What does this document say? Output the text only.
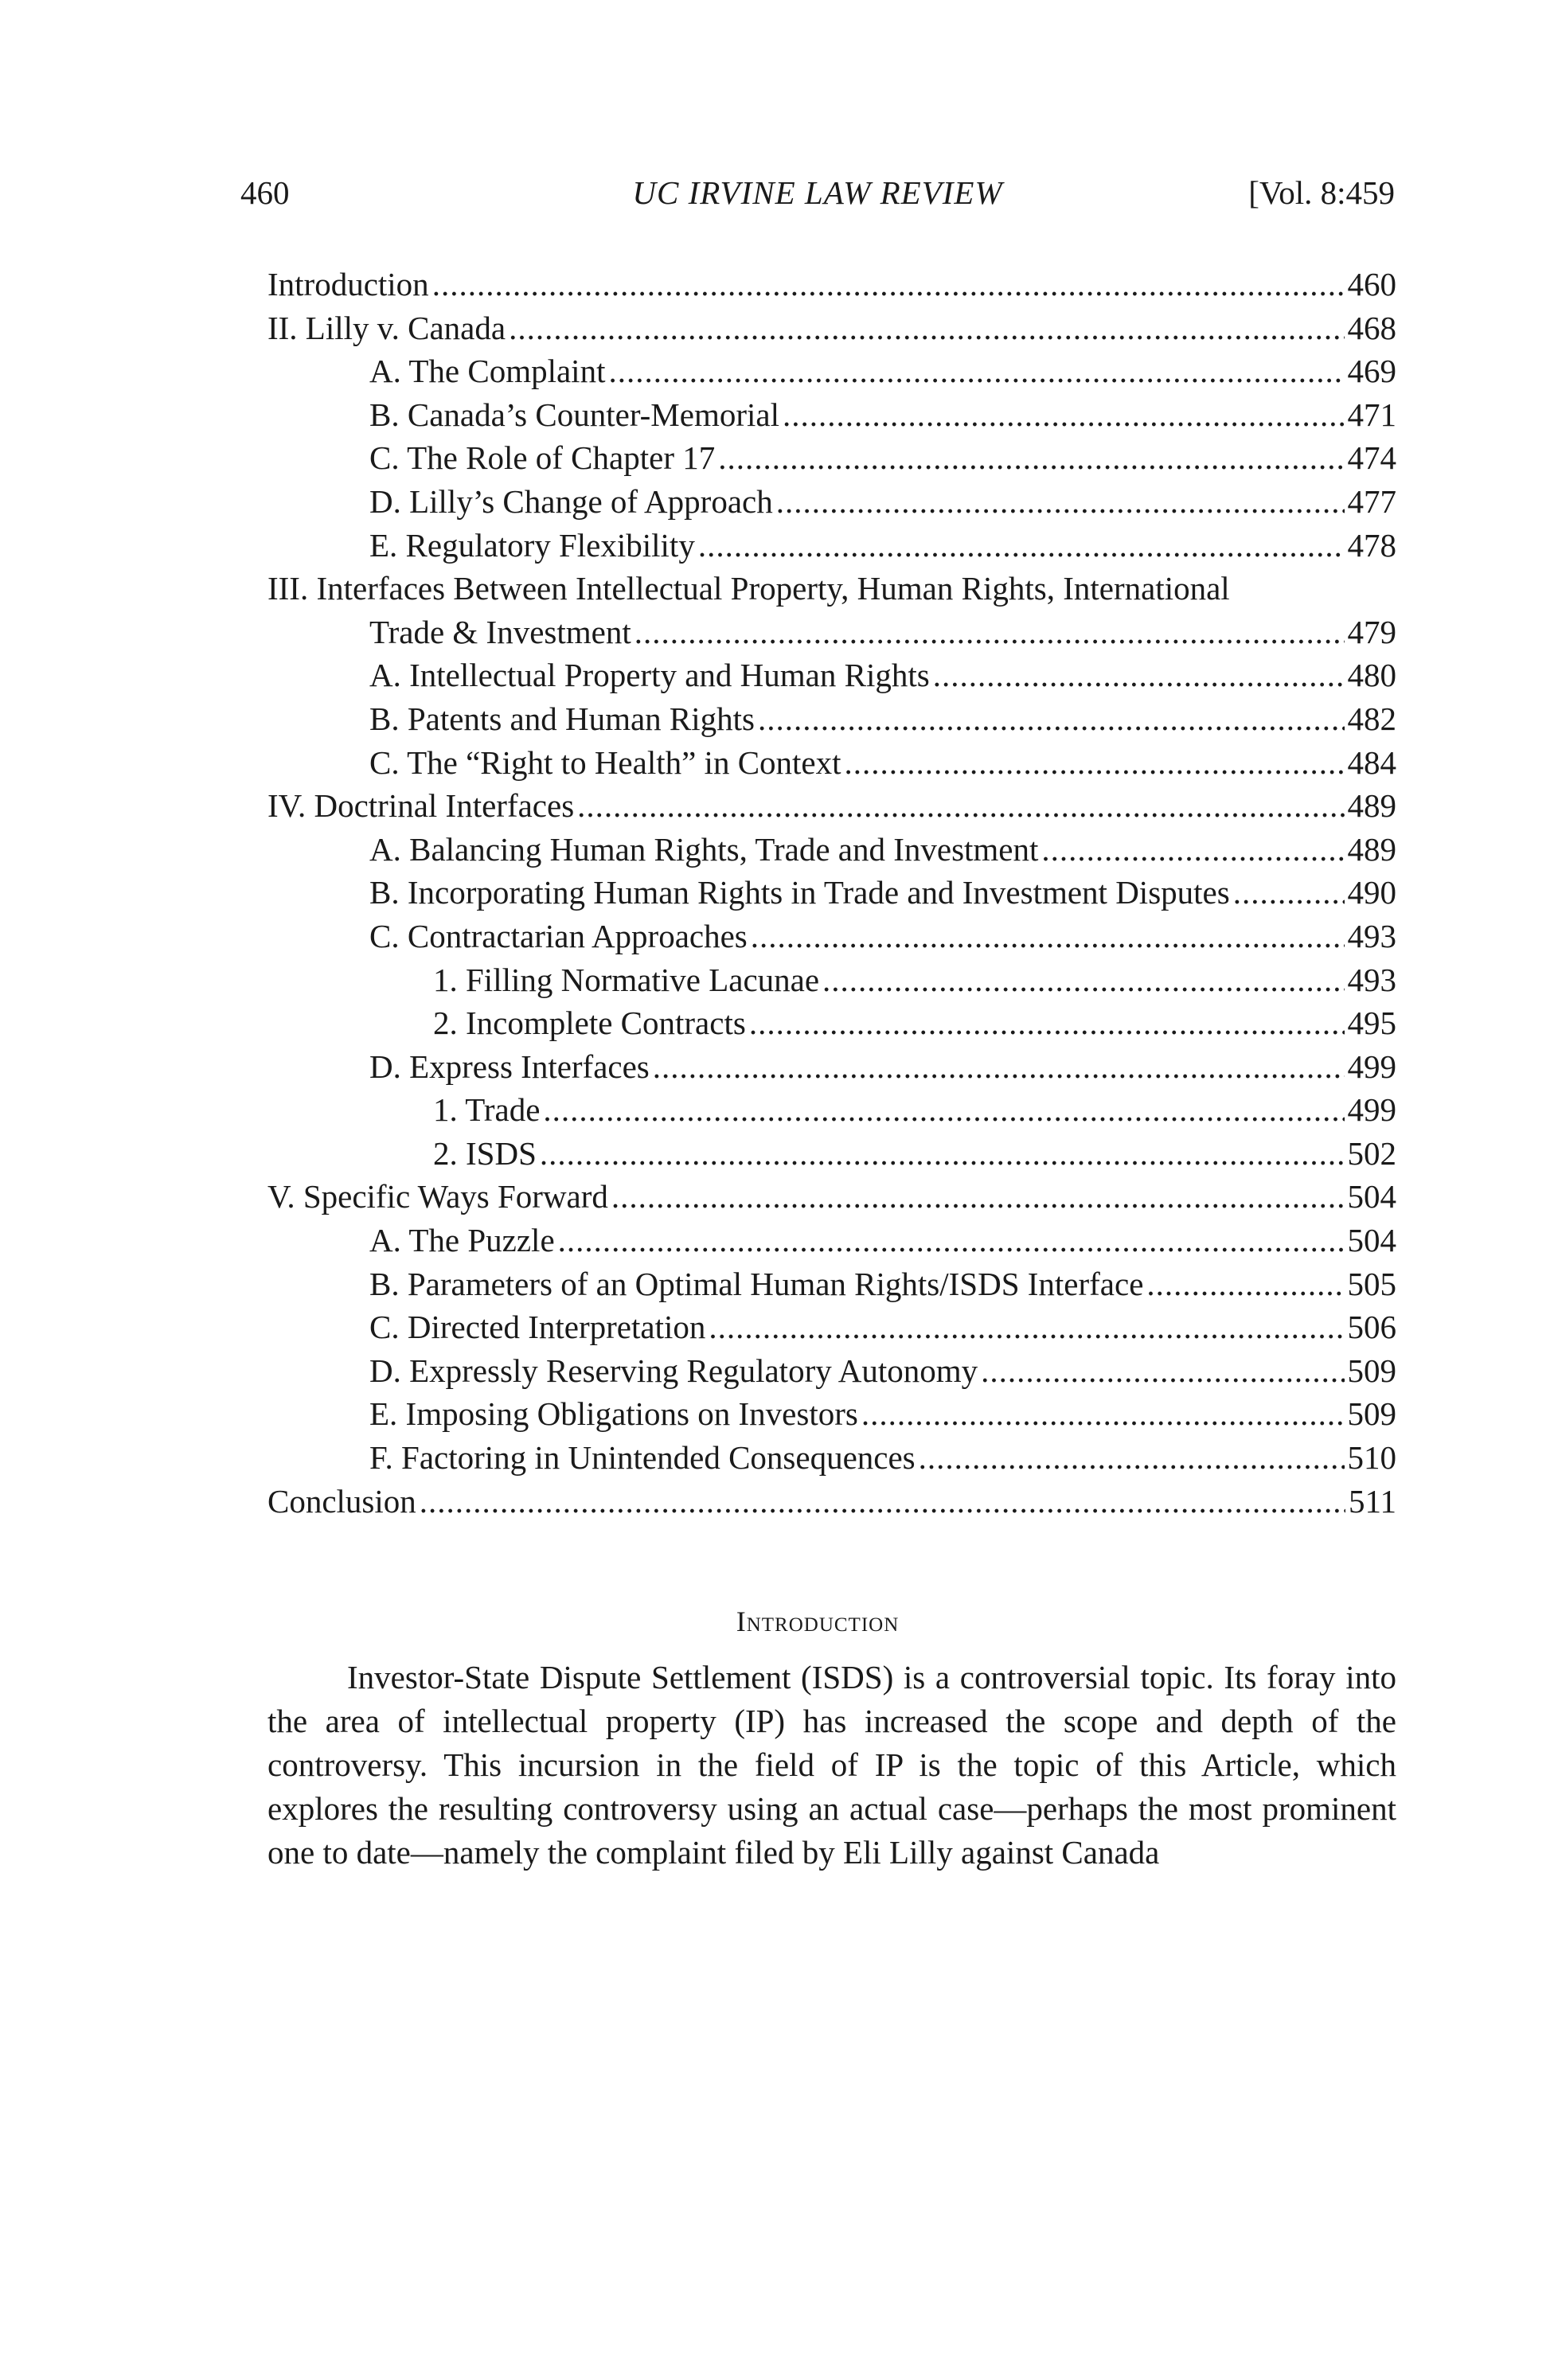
460	UC IRVINE LAW REVIEW	[Vol. 8:459
Introduction .....	460
II. Lilly v. Canada .....	468
A. The Complaint .....	469
B. Canada’s Counter-Memorial .....	471
C. The Role of Chapter 17 .....	474
D. Lilly’s Change of Approach .....	477
E. Regulatory Flexibility .....	478
III. Interfaces Between Intellectual Property, Human Rights, International
Trade & Investment .....	479
A. Intellectual Property and Human Rights .....	480
B. Patents and Human Rights .....	482
C. The “Right to Health” in Context .....	484
IV. Doctrinal Interfaces .....	489
A. Balancing Human Rights, Trade and Investment .....	489
B. Incorporating Human Rights in Trade and Investment Disputes .....	490
C. Contractarian Approaches .....	493
1. Filling Normative Lacunae .....	493
2. Incomplete Contracts .....	495
D. Express Interfaces .....	499
1. Trade .....	499
2. ISDS .....	502
V. Specific Ways Forward .....	504
A. The Puzzle .....	504
B. Parameters of an Optimal Human Rights/ISDS Interface .....	505
C. Directed Interpretation .....	506
D. Expressly Reserving Regulatory Autonomy .....	509
E. Imposing Obligations on Investors .....	509
F. Factoring in Unintended Consequences .....	510
Conclusion .....	511
Introduction

Investor-State Dispute Settlement (ISDS) is a controversial topic. Its foray into the area of intellectual property (IP) has increased the scope and depth of the controversy. This incursion in the field of IP is the topic of this Article, which explores the resulting controversy using an actual case—perhaps the most prominent one to date—namely the complaint filed by Eli Lilly against Canada
